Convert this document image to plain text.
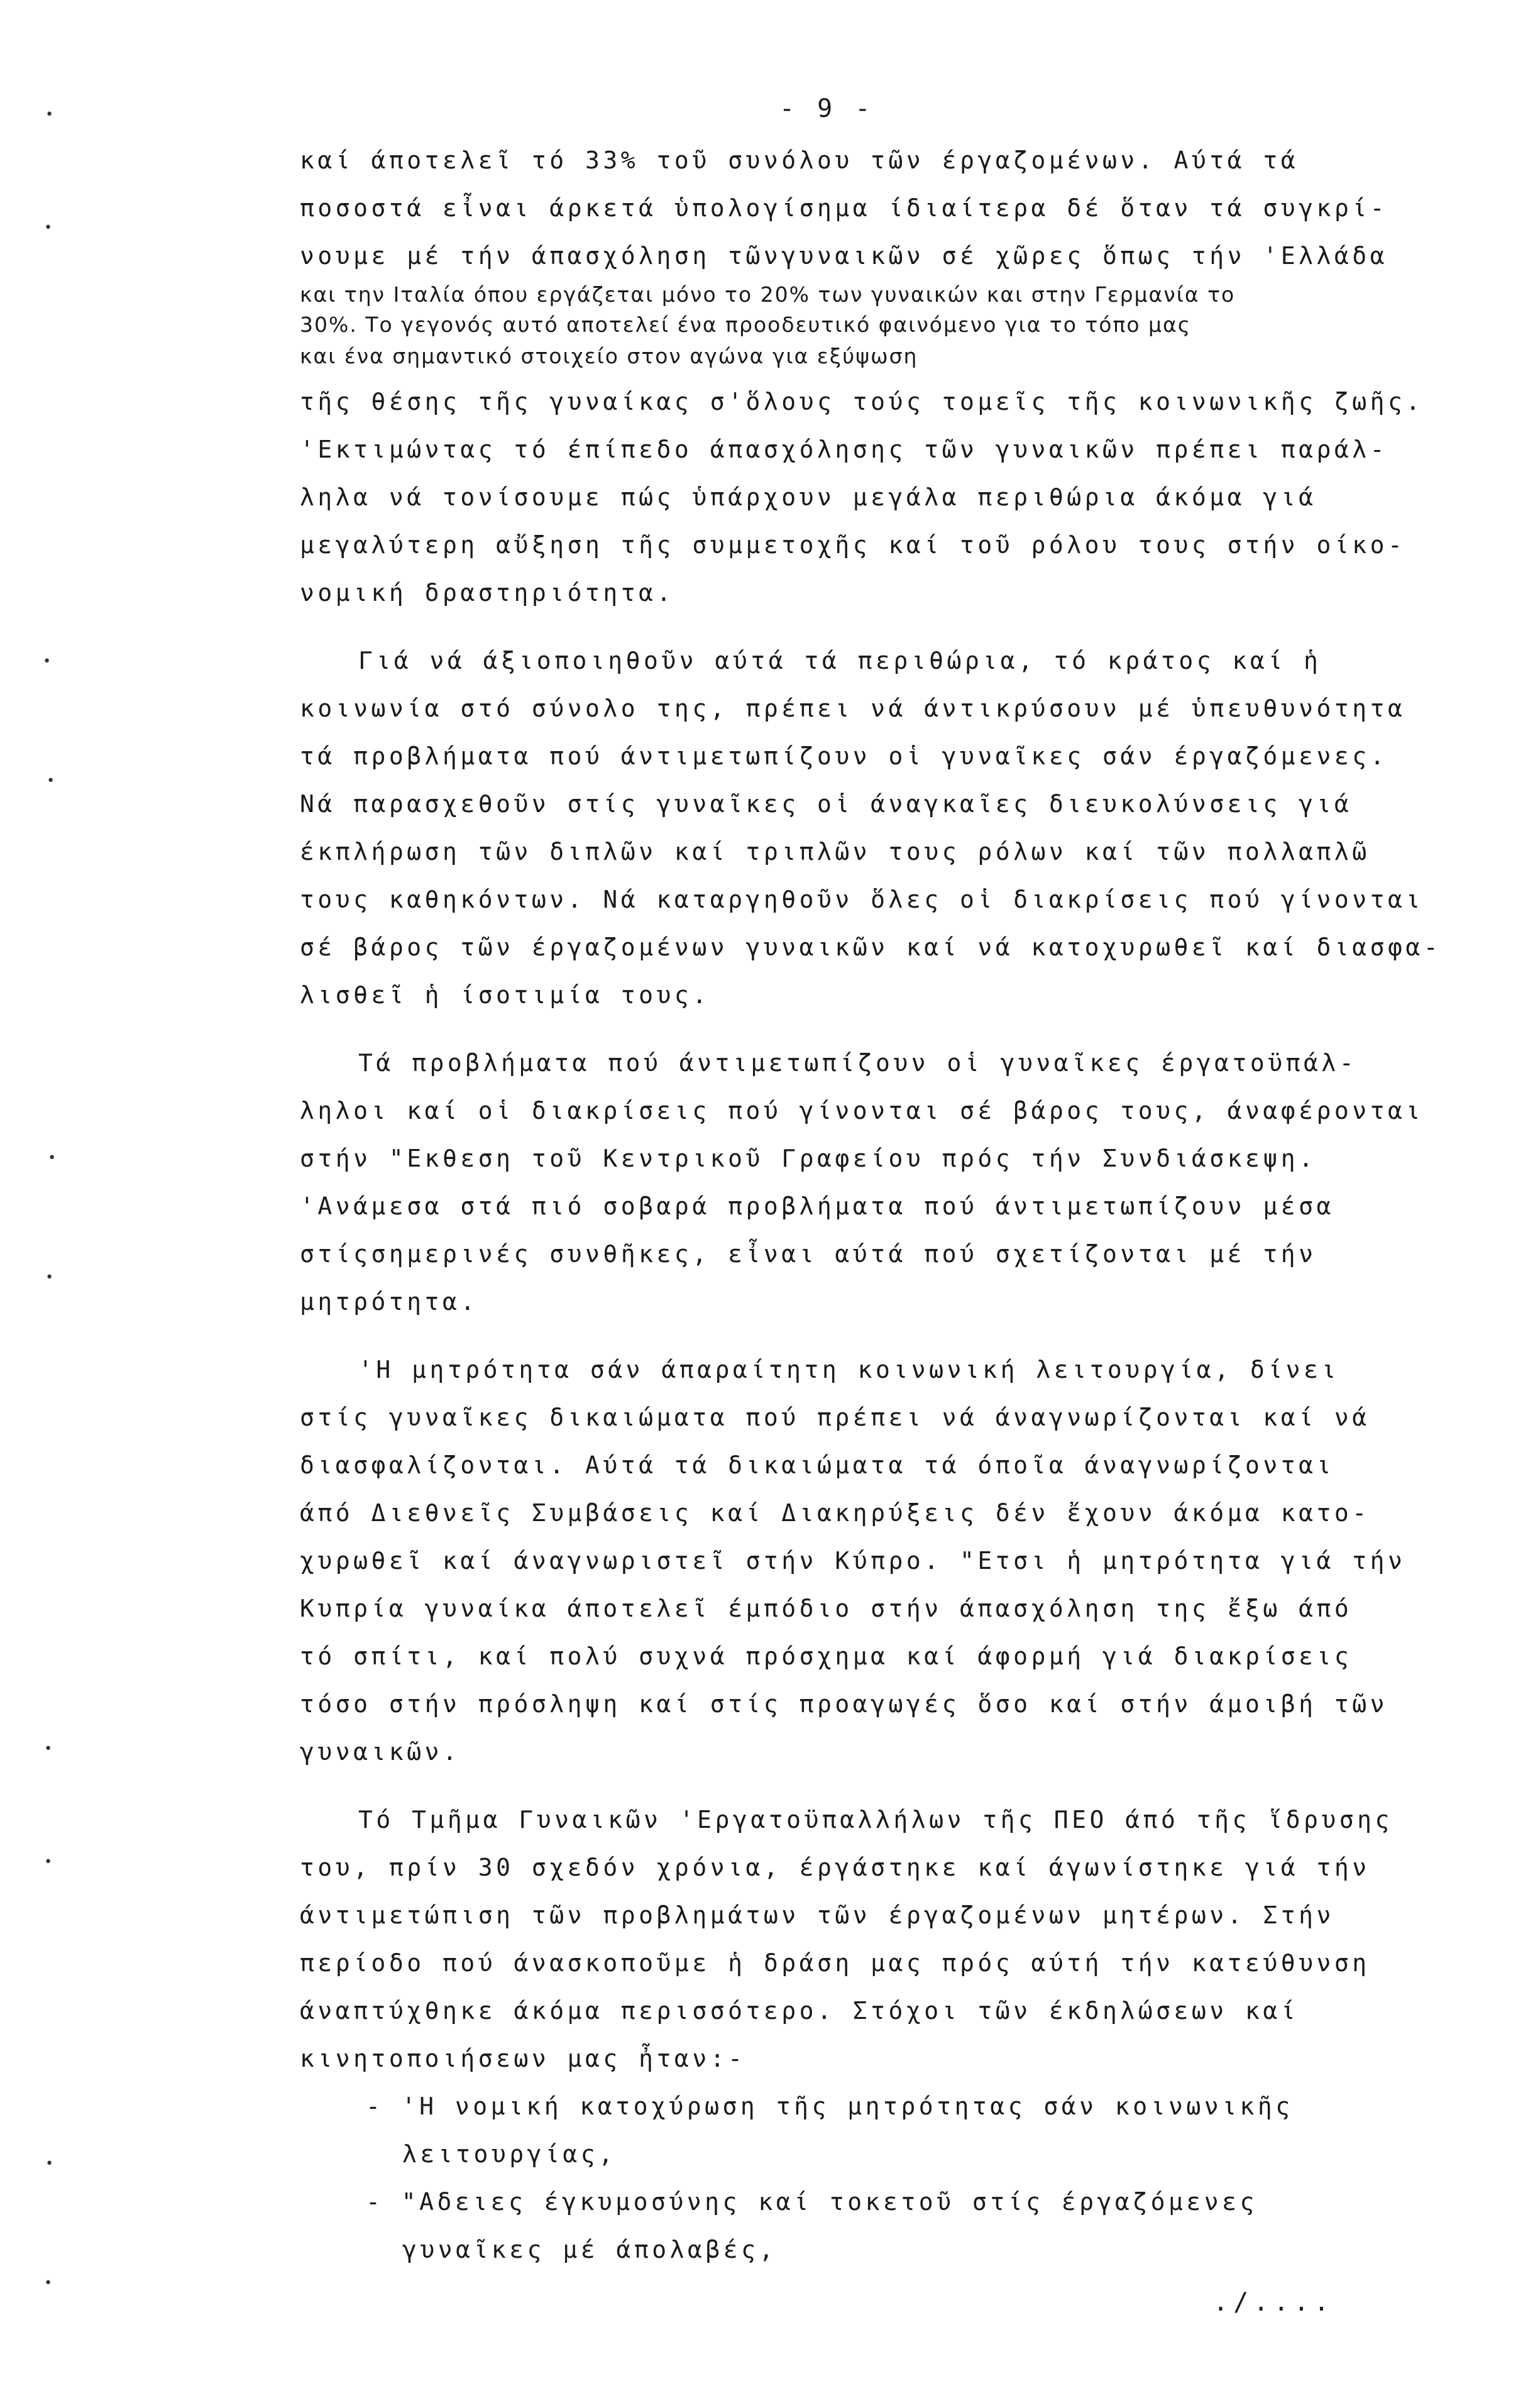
- 9 -
καί άποτελεῖ τό 33% τοῦ συνόλου τῶν έργαζομένων. Αύτά τά
ποσοστά εἶναι άρκετά ὑπολογίσημα ίδιαίτερα δέ ὅταν τά συγκρί-
νουμε μέ τήν άπασχόληση τῶνγυναικῶν σέ χῶρες ὅπως τήν 'Ελλάδα
και την Ιταλία όπου εργάζεται μόνο το 20% των γυναικών και στην Γερμανία το
30%. Το γεγονός αυτό αποτελεί ένα προοδευτικό φαινόμενο για το τόπο μας
και ένα σημαντικό στοιχείο στον αγώνα για εξύψωση
τῆς θέσης τῆς γυναίκας σ'ὅλους τούς τομεῖς τῆς κοινωνικῆς ζωῆς.
'Εκτιμώντας τό έπίπεδο άπασχόλησης τῶν γυναικῶν πρέπει παράλ-
ληλα νά τονίσουμε πώς ὑπάρχουν μεγάλα περιθώρια άκόμα γιά
μεγαλύτερη αὔξηση τῆς συμμετοχῆς καί τοῦ ρόλου τους στήν οίκο-
νομική δραστηριότητα.
Γιά νά άξιοποιηθοῦν αύτά τά περιθώρια, τό κράτος καί ἡ
κοινωνία στό σύνολο της, πρέπει νά άντικρύσουν μέ ὑπευθυνότητα
τά προβλήματα πού άντιμετωπίζουν οἱ γυναῖκες σάν έργαζόμενες.
Νά παρασχεθοῦν στίς γυναῖκες οἱ άναγκαῖες διευκολύνσεις γιά
έκπλήρωση τῶν διπλῶν καί τριπλῶν τους ρόλων καί τῶν πολλαπλῶ
τους καθηκόντων. Νά καταργηθοῦν ὅλες οἱ διακρίσεις πού γίνονται
σέ βάρος τῶν έργαζομένων γυναικῶν καί νά κατοχυρωθεῖ καί διασφα-
λισθεῖ ἡ ίσοτιμία τους.
Τά προβλήματα πού άντιμετωπίζουν οἱ γυναῖκες έργατοϋπάλ-
ληλοι καί οἱ διακρίσεις πού γίνονται σέ βάρος τους, άναφέρονται
στήν "Εκθεση τοῦ Κεντρικοῦ Γραφείου πρός τήν Συνδιάσκεψη.
'Ανάμεσα στά πιό σοβαρά προβλήματα πού άντιμετωπίζουν μέσα
στίςσημερινές συνθῆκες, εἶναι αύτά πού σχετίζονται μέ τήν
μητρότητα.
'Η μητρότητα σάν άπαραίτητη κοινωνική λειτουργία, δίνει
στίς γυναῖκες δικαιώματα πού πρέπει νά άναγνωρίζονται καί νά
διασφαλίζονται. Αύτά τά δικαιώματα τά όποῖα άναγνωρίζονται
άπό Διεθνεῖς Συμβάσεις καί Διακηρύξεις δέν ἔχουν άκόμα κατο-
χυρωθεῖ καί άναγνωριστεῖ στήν Κύπρο. "Ετσι ἡ μητρότητα γιά τήν
Κυπρία γυναίκα άποτελεῖ έμπόδιο στήν άπασχόληση της ἔξω άπό
τό σπίτι, καί πολύ συχνά πρόσχημα καί άφορμή γιά διακρίσεις
τόσο στήν πρόσληψη καί στίς προαγωγές ὅσο καί στήν άμοιβή τῶν
γυναικῶν.
Τό Τμῆμα Γυναικῶν 'Εργατοϋπαλλήλων τῆς ΠΕΟ άπό τῆς ἵδρυσης
του, πρίν 30 σχεδόν χρόνια, έργάστηκε καί άγωνίστηκε γιά τήν
άντιμετώπιση τῶν προβλημάτων τῶν έργαζομένων μητέρων. Στήν
περίοδο πού άνασκοποῦμε ἡ δράση μας πρός αύτή τήν κατεύθυνση
άναπτύχθηκε άκόμα περισσότερο. Στόχοι τῶν έκδηλώσεων καί
κινητοποιήσεων μας ἦταν:-
- 'Η νομική κατοχύρωση τῆς μητρότητας σάν κοινωνικῆς
λειτουργίας,
- "Αδειες έγκυμοσύνης καί τοκετοῦ στίς έργαζόμενες
γυναῖκες μέ άπολαβές,
./....
•
•
•
•
•
•
•
•
•
•
